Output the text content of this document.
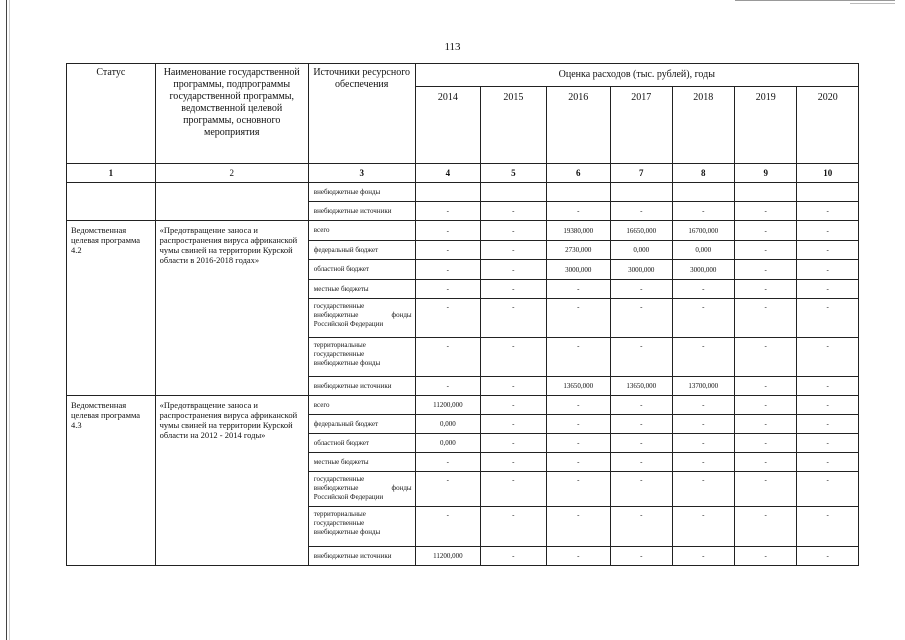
113
Статус	Наименование государственной программы, подпрограммы государственной программы, ведомственной целевой программы, основного мероприятия	Источники ресурсного обеспечения	Оценка расходов (тыс. рублей), годы						
			2014	2015	2016	2017	2018	2019	2020
1	2	3	4	5	6	7	8	9	10
		внебюджетные фонды							
		внебюджетные источники	-	-	-	-	-	-	-
Ведомственная целевая программа 4.2	«Предотвращение заноса и распространения вируса африканской чумы свиней на территории Курской области в 2016-2018 годах»	всего	-	-	19380,000	16650,000	16700,000	-	-
		федеральный бюджет	-	-	2730,000	0,000	0,000	-	-
		областной бюджет	-	-	3000,000	3000,000	3000,000	-	-
		местные бюджеты	-	-	-	-	-	-	-
		государственные

внебюджетные фонды
Российской Федерации	-	-	-	-	-	-	-
		территориальные
государственные
внебюджетные фонды	-	-	-	-	-	-	-
		внебюджетные источники	-	-	13650,000	13650,000	13700,000	-	-
Ведомственная целевая программа 4.3	«Предотвращение заноса и распространения вируса африканской чумы свиней на территории Курской области на 2012 - 2014 годы»	всего	11200,000	-	-	-	-	-	-
		федеральный бюджет	0,000	-	-	-	-	-	-
		областной бюджет	0,000	-	-	-	-	-	-
		местные бюджеты	-	-	-	-	-	-	-
		государственные

внебюджетные фонды
Российской Федерации	-	-	-	-	-	-	-
		территориальные
государственные
внебюджетные фонды	-	-	-	-	-	-	-
		внебюджетные источники	11200,000	-	-	-	-	-	-
